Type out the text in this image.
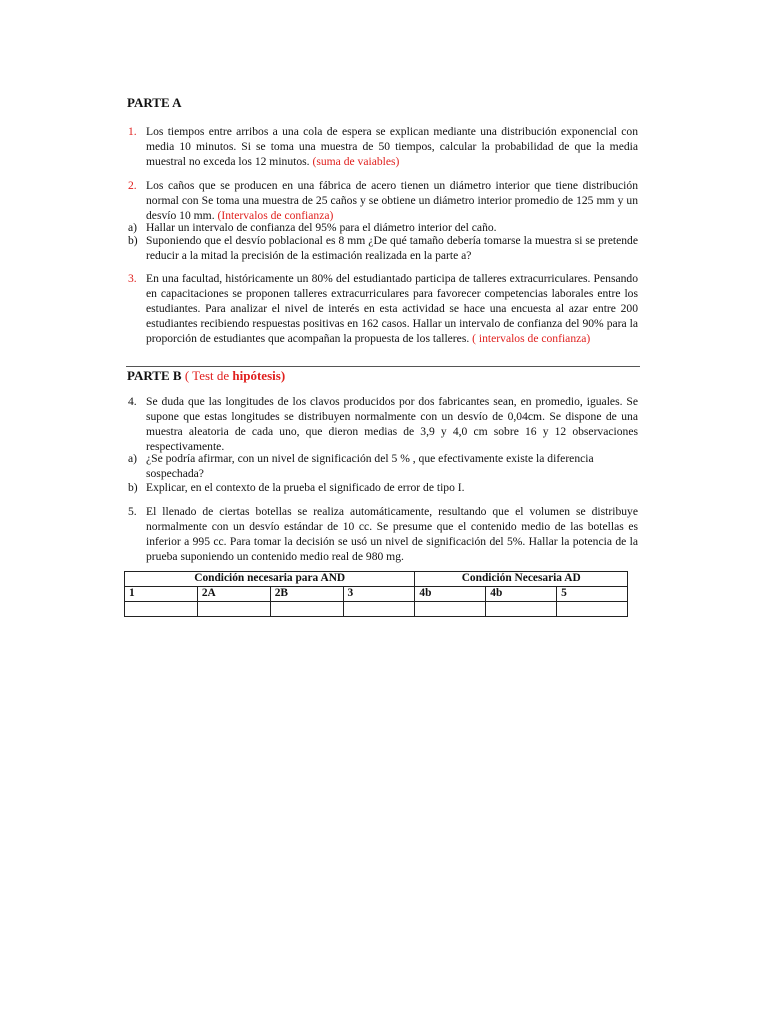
PARTE A
1. Los tiempos entre arribos a una cola de espera se explican mediante una distribución exponencial con media 10 minutos. Si se toma una muestra de 50 tiempos, calcular la probabilidad de que la media muestral no exceda los 12 minutos. (suma de vaiables)
2. Los caños que se producen en una fábrica de acero tienen un diámetro interior que tiene distribución normal con Se toma una muestra de 25 caños y se obtiene un diámetro interior promedio de 125 mm y un desvío 10 mm. (Intervalos de confianza)
a) Hallar un intervalo de confianza del 95% para el diámetro interior del caño.
b) Suponiendo que el desvío poblacional es 8 mm ¿De qué tamaño debería tomarse la muestra si se pretende reducir a la mitad la precisión de la estimación realizada en la parte a?
3. En una facultad, históricamente un 80% del estudiantado participa de talleres extracurriculares. Pensando en capacitaciones se proponen talleres extracurriculares para favorecer competencias laborales entre los estudiantes. Para analizar el nivel de interés en esta actividad se hace una encuesta al azar entre 200 estudiantes recibiendo respuestas positivas en 162 casos. Hallar un intervalo de confianza del 90% para la proporción de estudiantes que acompañan la propuesta de los talleres. ( intervalos de confianza)
PARTE B ( Test de hipótesis)
4. Se duda que las longitudes de los clavos producidos por dos fabricantes sean, en promedio, iguales. Se supone que estas longitudes se distribuyen normalmente con un desvío de 0,04cm. Se dispone de una muestra aleatoria de cada uno, que dieron medias de 3,9 y 4,0 cm sobre 16 y 12 observaciones respectivamente.
a) ¿Se podría afirmar, con un nivel de significación del 5 % , que efectivamente existe la diferencia sospechada?
b) Explicar, en el contexto de la prueba el significado de error de tipo I.
5. El llenado de ciertas botellas se realiza automáticamente, resultando que el volumen se distribuye normalmente con un desvío estándar de 10 cc. Se presume que el contenido medio de las botellas es inferior a 995 cc. Para tomar la decisión se usó un nivel de significación del 5%. Hallar la potencia de la prueba suponiendo un contenido medio real de 980 mg.
Condición necesaria para AND				Condición Necesaria AD		
1	2A	2B	3	4b	4b	5
